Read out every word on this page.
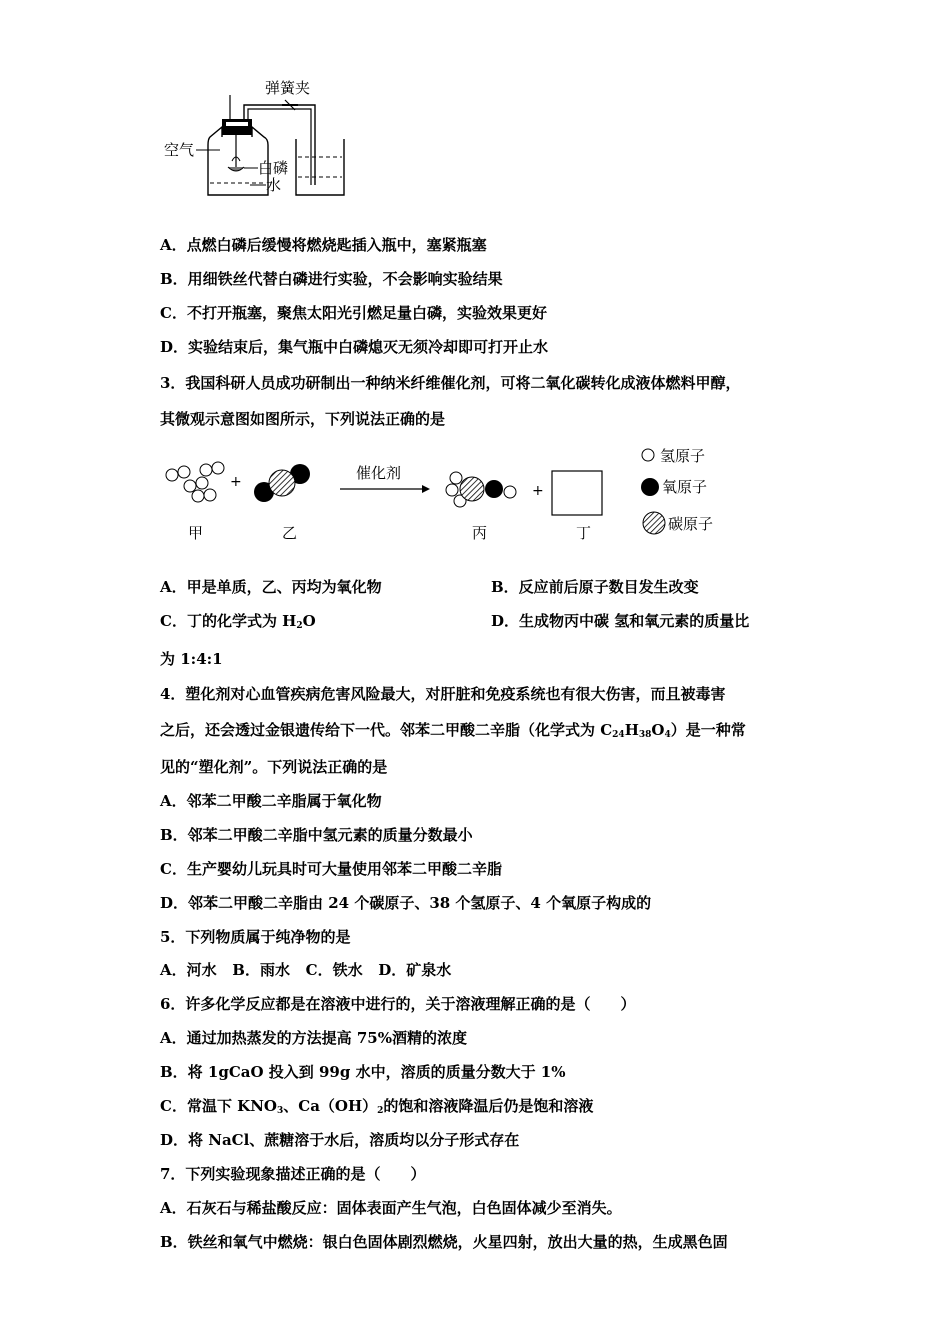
弹簧夹
空气
白磷
水
A．点燃白磷后缓慢将燃烧匙插入瓶中，塞紧瓶塞
B．用细铁丝代替白磷进行实验，不会影响实验结果
C．不打开瓶塞，聚焦太阳光引燃足量白磷，实验效果更好
D．实验结束后，集气瓶中白磷熄灭无须冷却即可打开止水
3．我国科研人员成功研制出一种纳米纤维催化剂，可将二氧化碳转化成液体燃料甲醇，
其微观示意图如图所示，下列说法正确的是
+	催化剂
+
甲	乙	丙	丁
氢原子
氧原子
碳原子
A．甲是单质，乙、丙均为氧化物	B．反应前后原子数目发生改变
C．丁的化学式为 $H_2O$	D．生成物丙中碳 氢和氧元素的质量比
为 1:4:1
4．塑化剂对心血管疾病危害风险最大，对肝脏和免疫系统也有很大伤害，而且被毒害
之后，还会透过金银遗传给下一代。邻苯二甲酸二辛脂（化学式为 $C_{24}H_{38}O_4$）是一种常
见的“塑化剂”。下列说法正确的是
A．邻苯二甲酸二辛脂属于氧化物
B．邻苯二甲酸二辛脂中氢元素的质量分数最小
C．生产婴幼儿玩具时可大量使用邻苯二甲酸二辛脂
D．邻苯二甲酸二辛脂由 24 个碳原子、38 个氢原子、4 个氧原子构成的
5．下列物质属于纯净物的是
A．河水   B．雨水   C．铁水   D．矿泉水
6．许多化学反应都是在溶液中进行的，关于溶液理解正确的是（　　）
A．通过加热蒸发的方法提高 75%酒精的浓度
B．将 1gCaO 投入到 99g 水中，溶质的质量分数大于 1%
C．常温下 $KNO_3$、$Ca(OH)_2$的饱和溶液降温后仍是饱和溶液
D．将 NaCl、蔗糖溶于水后，溶质均以分子形式存在
7．下列实验现象描述正确的是（　　）
A．石灰石与稀盐酸反应：固体表面产生气泡，白色固体减少至消失。
B．铁丝和氧气中燃烧：银白色固体剧烈燃烧，火星四射，放出大量的热，生成黑色固
